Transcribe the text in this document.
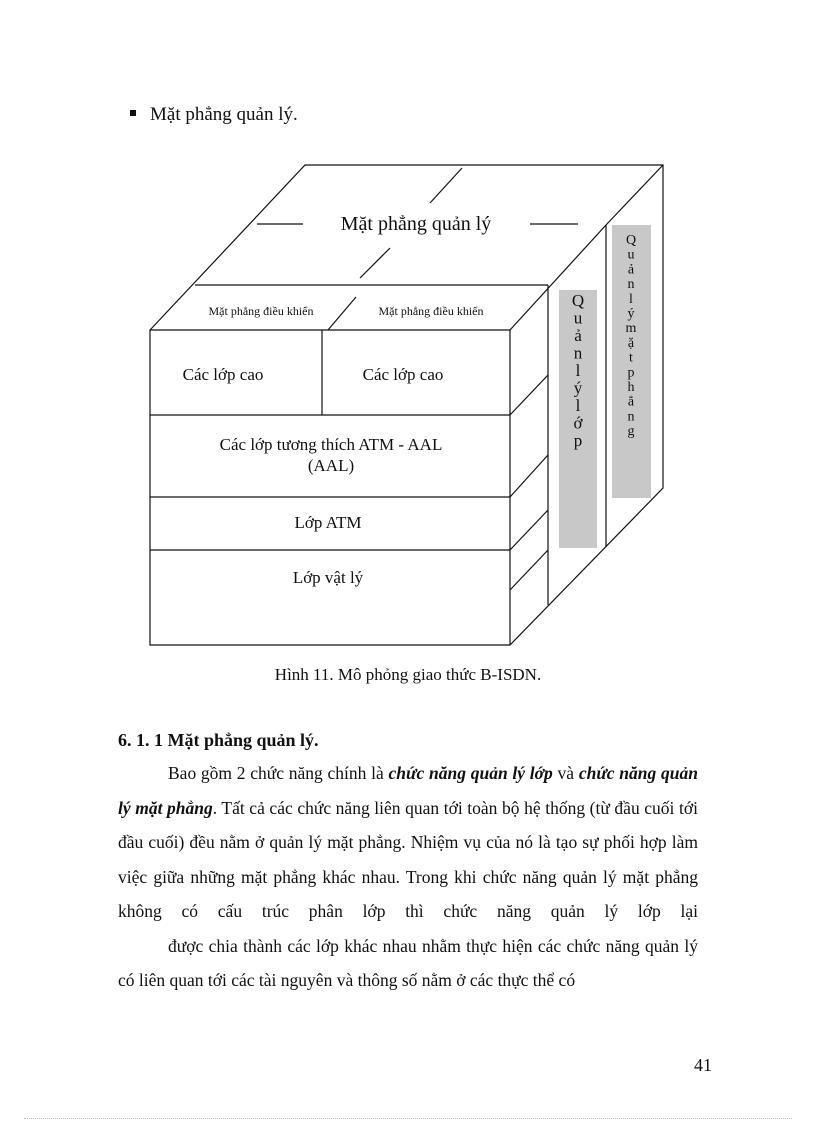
Mặt phẳng quản lý.
Mặt phẳng quản lý
Mặt phẳng điều khiển	Mặt phẳng điều khiển
Các lớp cao	Các lớp cao
Các lớp tương thích ATM - AAL
(AAL)
Lớp ATM
Lớp vật lý
Q
u
ả
n
l
ý
l
ớ
p
Q
u
ả
n
l
ý
m
ặ
t
p
h
ẳ
n
g
Hình 11. Mô phỏng giao thức B-ISDN.
6. 1. 1 Mặt phẳng quản lý.

Bao gồm 2 chức năng chính là chức năng quản lý lớp và chức năng quản lý mặt phẳng. Tất cả các chức năng liên quan tới toàn bộ hệ thống (từ đầu cuối tới đầu cuối) đều nằm ở quản lý mặt phẳng. Nhiệm vụ của nó là tạo sự phối hợp làm việc giữa những mặt phẳng khác nhau. Trong khi chức năng quản lý mặt phẳng không có cấu trúc phân lớp thì chức năng quản lý lớp lại

được chia thành các lớp khác nhau nhằm thực hiện các chức năng quản lý có liên quan tới các tài nguyên và thông số nằm ở các thực thể có

41
